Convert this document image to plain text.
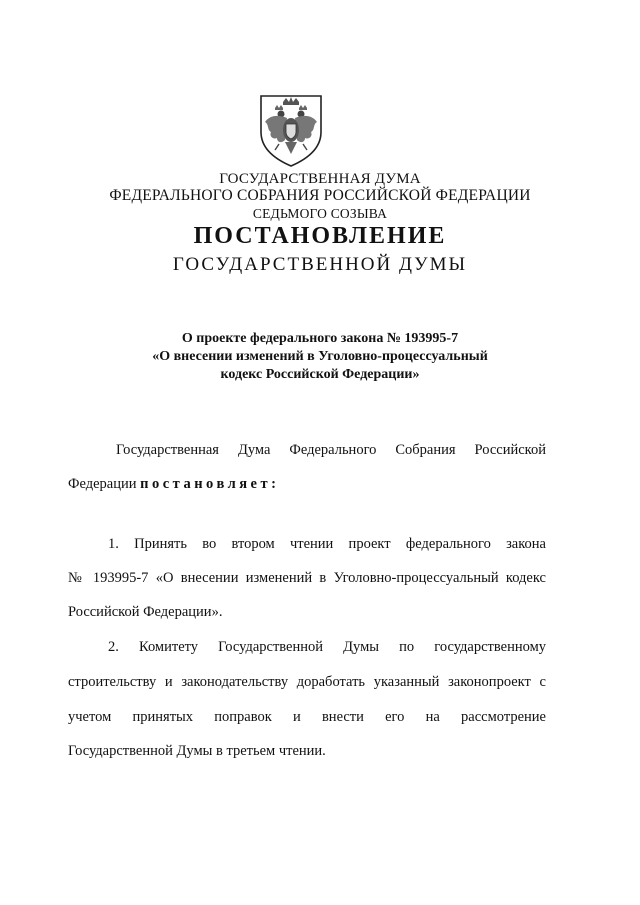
ГОСУДАРСТВЕННАЯ ДУМА
ФЕДЕРАЛЬНОГО СОБРАНИЯ РОССИЙСКОЙ ФЕДЕРАЦИИ
СЕДЬМОГО СОЗЫВА
ПОСТАНОВЛЕНИЕ
ГОСУДАРСТВЕННОЙ ДУМЫ
О проекте федерального закона № 193995-7
«О внесении изменений в Уголовно-процессуальный
кодекс Российской Федерации»
Государственная Дума Федерального Собрания Российской
Федерации постановляет:
1. Принять во втором чтении проект федерального закона
№ 193995-7 «О внесении изменений в Уголовно-процессуальный кодекс
Российской Федерации».
2. Комитету Государственной Думы по государственному
строительству и законодательству доработать указанный законопроект с
учетом принятых поправок и внести его на рассмотрение
Государственной Думы в третьем чтении.
